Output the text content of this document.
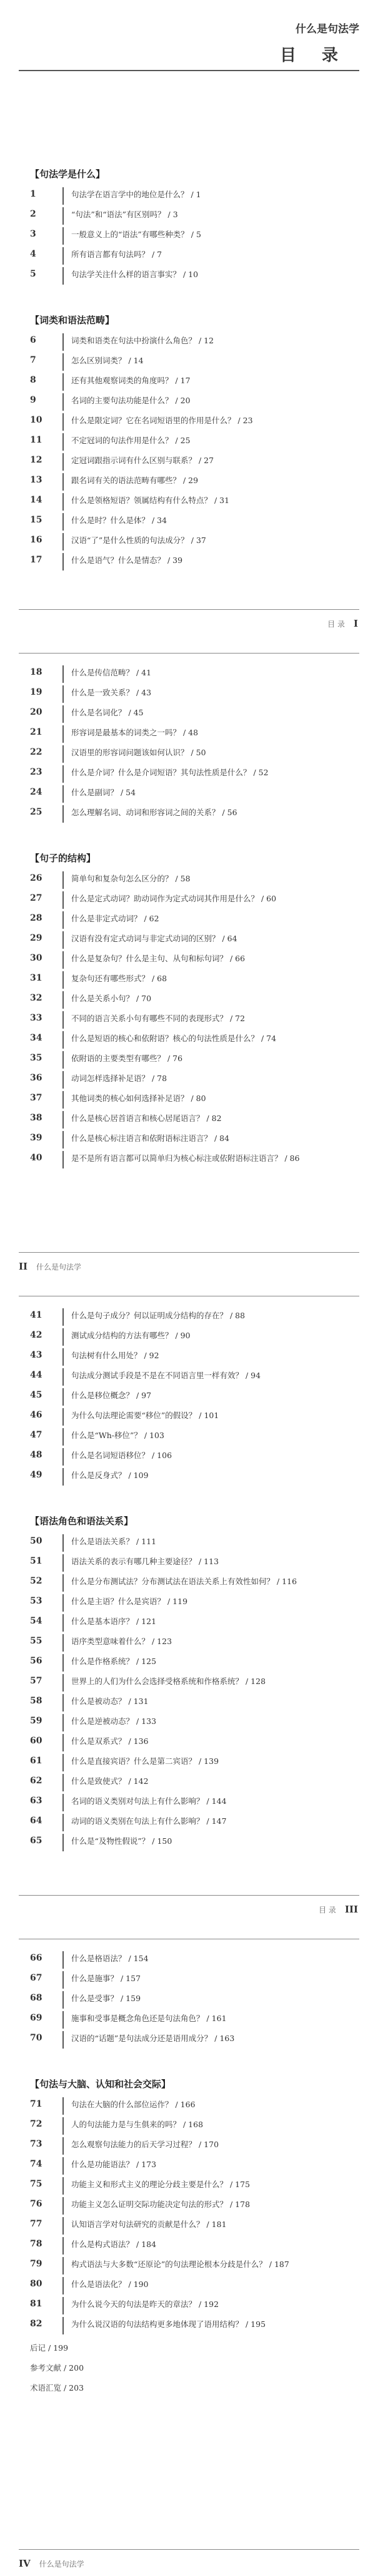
什么是句法学
目 录
【句法学是什么】
1	句法学在语言学中的地位是什么？ / 1
2	“句法”和“语法”有区别吗？ / 3
3	一般意义上的“语法”有哪些种类？ / 5
4	所有语言都有句法吗？ / 7
5	句法学关注什么样的语言事实？ / 10
【词类和语法范畴】
6	词类和语类在句法中扮演什么角色？ / 12
7	怎么区别词类？ / 14
8	还有其他观察词类的角度吗？ / 17
9	名词的主要句法功能是什么？ / 20
10	什么是限定词？它在名词短语里的作用是什么？ / 23
11	不定冠词的句法作用是什么？ / 25
12	定冠词跟指示词有什么区别与联系？ / 27
13	跟名词有关的语法范畴有哪些？ / 29
14	什么是领格短语？领属结构有什么特点？ / 31
15	什么是时？什么是体？ / 34
16	汉语“了”是什么性质的句法成分？ / 37
17	什么是语气？什么是情态？ / 39
目 录 I
18	什么是传信范畴？ / 41
19	什么是一致关系？ / 43
20	什么是名词化？ / 45
21	形容词是最基本的词类之一吗？ / 48
22	汉语里的形容词问题该如何认识？ / 50
23	什么是介词？什么是介词短语？其句法性质是什么？ / 52
24	什么是副词？ / 54
25	怎么理解名词、动词和形容词之间的关系？ / 56
【句子的结构】
26	简单句和复杂句怎么区分的？ / 58
27	什么是定式动词？助动词作为定式动词其作用是什么？ / 60
28	什么是非定式动词？ / 62
29	汉语有没有定式动词与非定式动词的区别？ / 64
30	什么是复杂句？什么是主句、从句和标句词？ / 66
31	复杂句还有哪些形式？ / 68
32	什么是关系小句？ / 70
33	不同的语言关系小句有哪些不同的表现形式？ / 72
34	什么是短语的核心和依附语？核心的句法性质是什么？ / 74
35	依附语的主要类型有哪些？ / 76
36	动词怎样选择补足语？ / 78
37	其他词类的核心如何选择补足语？ / 80
38	什么是核心居首语言和核心居尾语言？ / 82
39	什么是核心标注语言和依附语标注语言？ / 84
40	是不是所有语言都可以简单归为核心标注或依附语标注语言？ / 86
II 什么是句法学
41	什么是句子成分？何以证明成分结构的存在？ / 88
42	测试成分结构的方法有哪些？ / 90
43	句法树有什么用处？ / 92
44	句法成分测试手段是不是在不同语言里一样有效？ / 94
45	什么是移位概念？ / 97
46	为什么句法理论需要“移位”的假设？ / 101
47	什么是“Wh-移位”？ / 103
48	什么是名词短语移位？ / 106
49	什么是反身式？ / 109
【语法角色和语法关系】
50	什么是语法关系？ / 111
51	语法关系的表示有哪几种主要途径？ / 113
52	什么是分布测试法？分布测试法在语法关系上有效性如何？ / 116
53	什么是主语？什么是宾语？ / 119
54	什么是基本语序？ / 121
55	语序类型意味着什么？ / 123
56	什么是作格系统？ / 125
57	世界上的人们为什么会选择受格系统和作格系统？ / 128
58	什么是被动态？ / 131
59	什么是逆被动态？ / 133
60	什么是双系式？ / 136
61	什么是直接宾语？什么是第二宾语？ / 139
62	什么是致使式？ / 142
63	名词的语义类别对句法上有什么影响？ / 144
64	动词的语义类别在句法上有什么影响？ / 147
65	什么是“及物性假说”？ / 150
目 录 III
66	什么是格语法？ / 154
67	什么是施事？ / 157
68	什么是受事？ / 159
69	施事和受事是概念角色还是句法角色？ / 161
70	汉语的“话题”是句法成分还是语用成分？ / 163
【句法与大脑、认知和社会交际】
71	句法在大脑的什么部位运作？ / 166
72	人的句法能力是与生俱来的吗？ / 168
73	怎么观察句法能力的后天学习过程？ / 170
74	什么是功能语法？ / 173
75	功能主义和形式主义的理论分歧主要是什么？ / 175
76	功能主义怎么证明交际功能决定句法的形式？ / 178
77	认知语言学对句法研究的贡献是什么？ / 181
78	什么是构式语法？ / 184
79	构式语法与大多数“还原论”的句法理论根本分歧是什么？ / 187
80	什么是语法化？ / 190
81	为什么说今天的句法是昨天的章法？ / 192
82	为什么说汉语的句法结构更多地体现了语用结构？ / 195
后记 / 199
参考文献 / 200
术语汇览 / 203
IV 什么是句法学
